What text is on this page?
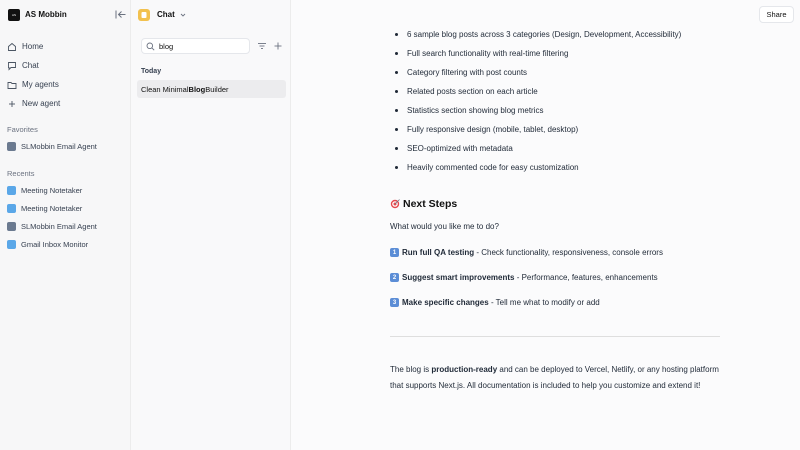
AS	AS Mobbin
Home
Chat
My agents
New agent
Favorites
SLMobbin Email Agent
Recents
Meeting Notetaker
Meeting Notetaker
SLMobbin Email Agent
Gmail Inbox Monitor
Chat
blog
Today
Clean Minimal Blog Builder
Share
6 sample blog posts across 3 categories (Design, Development, Accessibility)
Full search functionality with real-time filtering
Category filtering with post counts
Related posts section on each article
Statistics section showing blog metrics
Fully responsive design (mobile, tablet, desktop)
SEO-optimized with metadata
Heavily commented code for easy customization
Next Steps
What would you like me to do?
1 Run full QA testing - Check functionality, responsiveness, console errors
2 Suggest smart improvements - Performance, features, enhancements
3 Make specific changes - Tell me what to modify or add
The blog is production-ready and can be deployed to Vercel, Netlify, or any hosting platform that supports Next.js. All documentation is included to help you customize and extend it!
